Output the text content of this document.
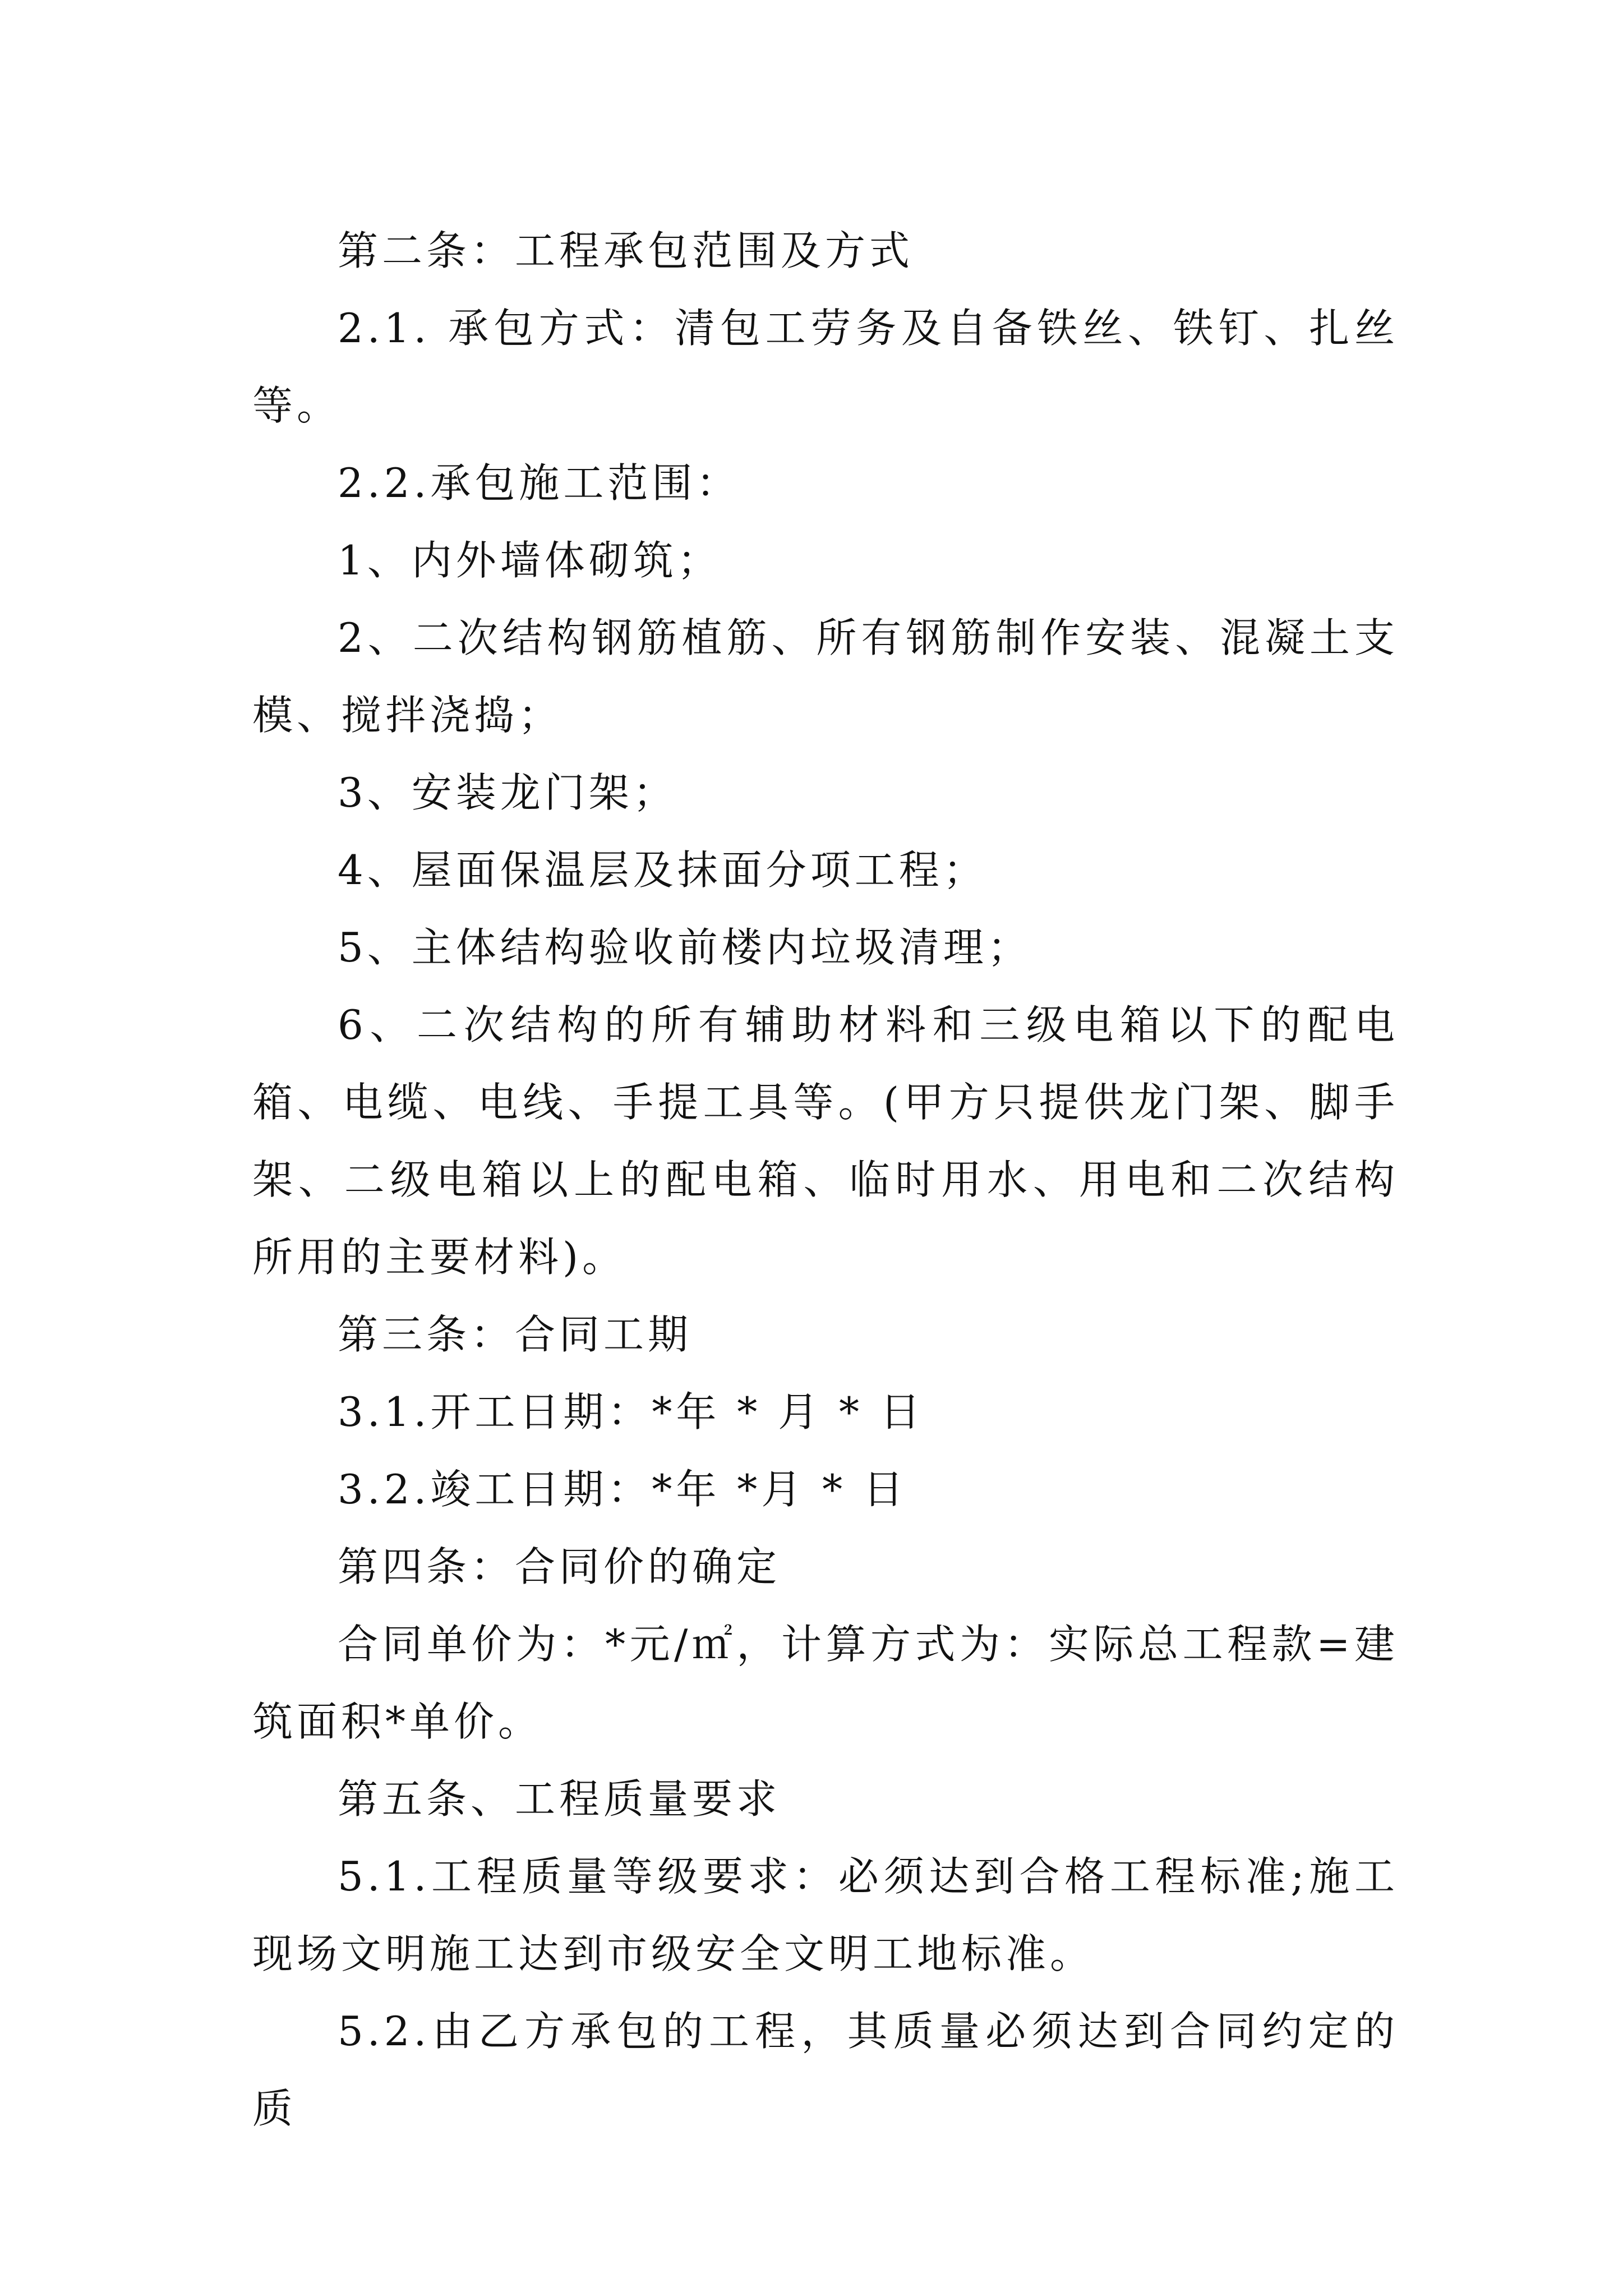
第二条：工程承包范围及方式

2.1. 承包方式：清包工劳务及自备铁丝、铁钉、扎丝等。

2.2.承包施工范围：

1、内外墙体砌筑；

2、二次结构钢筋植筋、所有钢筋制作安装、混凝土支模、搅拌浇捣；

3、安装龙门架；

4、屋面保温层及抹面分项工程；

5、主体结构验收前楼内垃圾清理；

6、二次结构的所有辅助材料和三级电箱以下的配电箱、电缆、电线、手提工具等。(甲方只提供龙门架、脚手架、二级电箱以上的配电箱、临时用水、用电和二次结构所用的主要材料)。

第三条：合同工期

3.1.开工日期：*年 * 月 * 日

3.2.竣工日期：*年 *月 * 日

第四条：合同价的确定

合同单价为：*元/㎡，计算方式为：实际总工程款=建筑面积*单价。

第五条、工程质量要求

5.1.工程质量等级要求：必须达到合格工程标准;施工现场文明施工达到市级安全文明工地标准。

5.2.由乙方承包的工程，其质量必须达到合同约定的质
